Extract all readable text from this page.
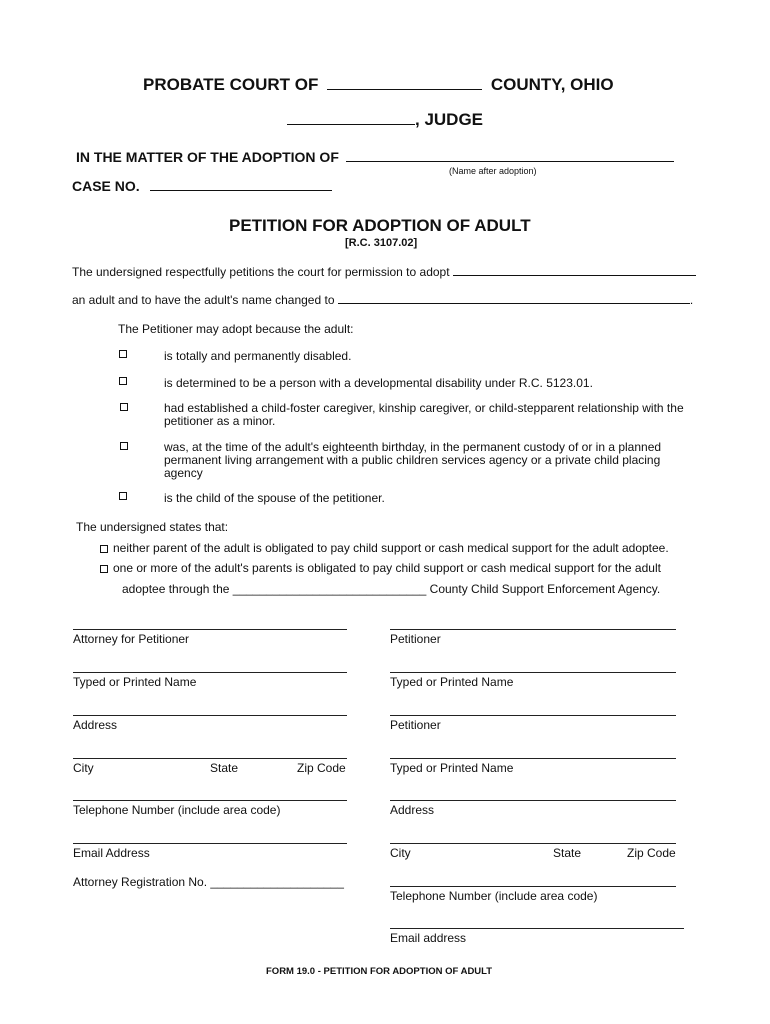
PROBATE COURT OF	COUNTY, OHIO
, JUDGE
IN THE MATTER OF THE ADOPTION OF
(Name after adoption)
CASE NO.
PETITION FOR ADOPTION OF ADULT
[R.C. 3107.02]
The undersigned respectfully petitions the court for permission to adopt
an adult and to have the adult's name changed to	.
The Petitioner may adopt because the adult:
is totally and permanently disabled.
is determined to be a person with a developmental disability under R.C. 5123.01.
had established a child-foster caregiver, kinship caregiver, or child-stepparent relationship with the petitioner as a minor.
was, at the time of the adult's eighteenth birthday, in the permanent custody of or in a planned permanent living arrangement with a public children services agency or a private child placing agency
is the child of the spouse of the petitioner.
The undersigned states that:
neither parent of the adult is obligated to pay child support or cash medical support for the adult adoptee.
one or more of the adult's parents is obligated to pay child support or cash medical support for the adult
adoptee through the _____________________________ County Child Support Enforcement Agency.
Attorney for Petitioner
Typed or Printed Name
Address
City	State	Zip Code
Telephone Number (include area code)
Email Address
Attorney Registration No. ____________________
Petitioner
Typed or Printed Name
Petitioner
Typed or Printed Name
Address
City	State	Zip Code
Telephone Number (include area code)
Email address
FORM 19.0 - PETITION FOR ADOPTION OF ADULT
